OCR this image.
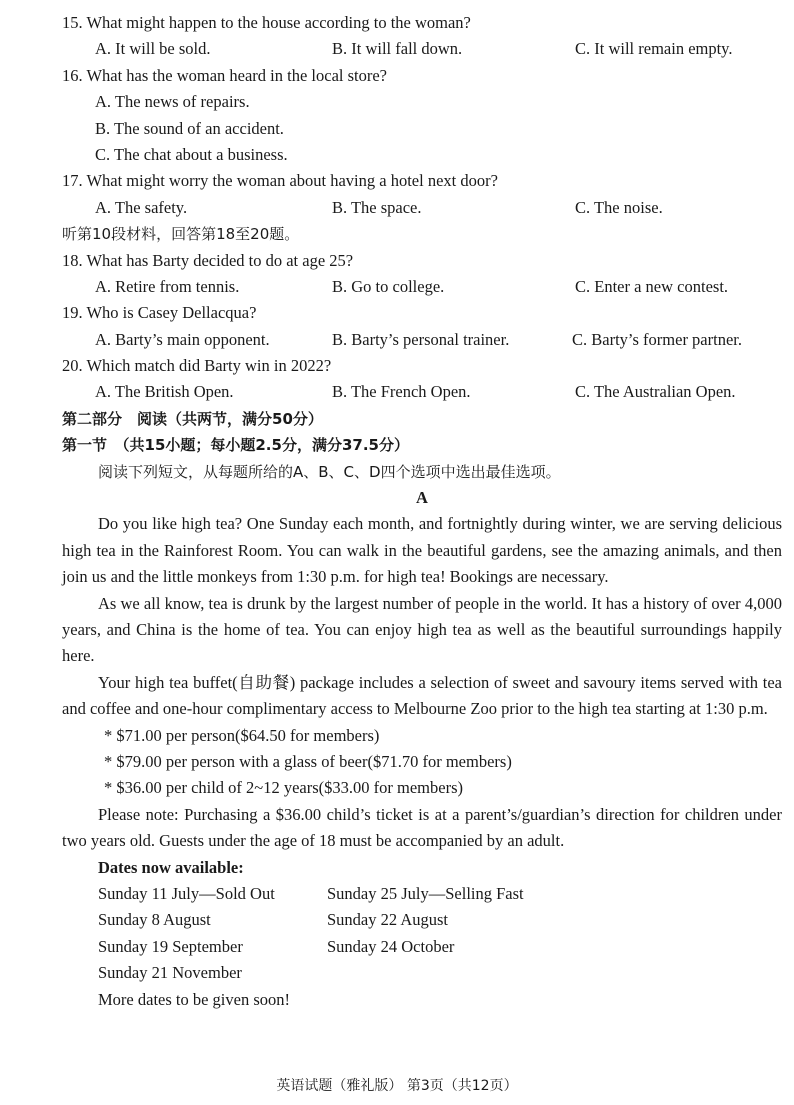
15. What might happen to the house according to the woman?
A. It will be sold.	B. It will fall down.	C. It will remain empty.
16. What has the woman heard in the local store?
A. The news of repairs.
B. The sound of an accident.
C. The chat about a business.
17. What might worry the woman about having a hotel next door?
A. The safety.	B. The space.	C. The noise.
听第10段材料，回答第18至20题。
18. What has Barty decided to do at age 25?
A. Retire from tennis.	B. Go to college.	C. Enter a new contest.
19. Who is Casey Dellacqua?
A. Barty’s main opponent.	B. Barty’s personal trainer.	C. Barty’s former partner.
20. Which match did Barty win in 2022?
A. The British Open.	B. The French Open.	C. The Australian Open.
第二部分　阅读（共两节，满分50分）
第一节　（共15小题；每小题2.5分，满分37.5分）
阅读下列短文，从每题所给的A、B、C、D四个选项中选出最佳选项。
A
Do you like high tea? One Sunday each month, and fortnightly during winter, we are serving delicious high tea in the Rainforest Room. You can walk in the beautiful gardens, see the amazing animals, and then join us and the little monkeys from 1:30 p.m. for high tea! Bookings are necessary.
As we all know, tea is drunk by the largest number of people in the world. It has a history of over 4,000 years, and China is the home of tea. You can enjoy high tea as well as the beautiful surroundings happily here.
Your high tea buffet(自助餐) package includes a selection of sweet and savoury items served with tea and coffee and one-hour complimentary access to Melbourne Zoo prior to the high tea starting at 1:30 p.m.
* $71.00 per person($64.50 for members)
* $79.00 per person with a glass of beer($71.70 for members)
* $36.00 per child of 2~12 years($33.00 for members)
Please note: Purchasing a $36.00 child’s ticket is at a parent’s/guardian’s direction for children under two years old. Guests under the age of 18 must be accompanied by an adult.
Dates now available:
Sunday 11 July—Sold Out	Sunday 25 July—Selling Fast
Sunday 8 August	Sunday 22 August
Sunday 19 September	Sunday 24 October
Sunday 21 November
More dates to be given soon!
英语试题（雅礼版） 第3页（共12页）
